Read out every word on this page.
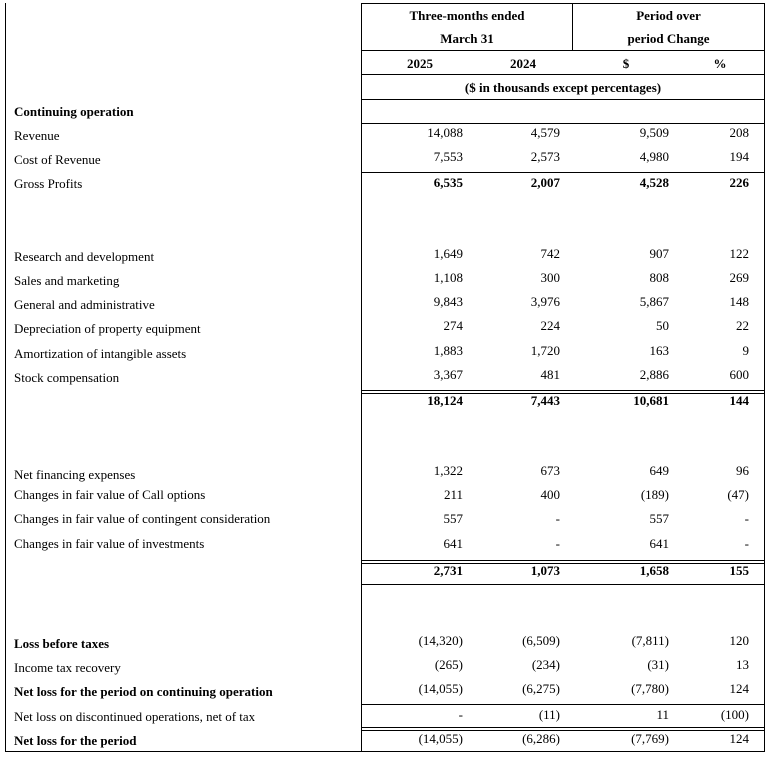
Three-months ended
March 31
Period over
period Change
2025	2024	$	%
($ in thousands except percentages)
Continuing operation
Revenue	14,088	4,579	9,509	208
Cost of Revenue	7,553	2,573	4,980	194
Gross Profits	6,535	2,007	4,528	226
Research and development	1,649	742	907	122
Sales and marketing	1,108	300	808	269
General and administrative	9,843	3,976	5,867	148
Depreciation of property equipment	274	224	50	22
Amortization of intangible assets	1,883	1,720	163	9
Stock compensation	3,367	481	2,886	600
18,124	7,443	10,681	144
Net financing expenses	1,322	673	649	96
Changes in fair value of Call options	211	400	(189)	(47)
Changes in fair value of contingent consideration	557	-	557	-
Changes in fair value of investments	641	-	641	-
2,731	1,073	1,658	155
Loss before taxes	(14,320)	(6,509)	(7,811)	120
Income tax recovery	(265)	(234)	(31)	13
Net loss for the period on continuing operation	(14,055)	(6,275)	(7,780)	124
Net loss on discontinued operations, net of tax	-	(11)	11	(100)
Net loss for the period	(14,055)	(6,286)	(7,769)	124
